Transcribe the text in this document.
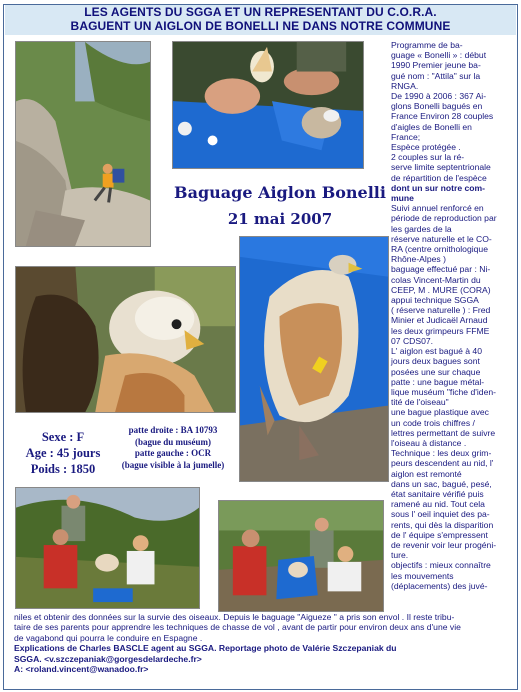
LES AGENTS DU SGGA ET UN REPRESENTANT DU C.O.R.A.
BAGUENT UN AIGLON DE BONELLI NE DANS NOTRE COMMUNE
Baguage Aiglon Bonelli
21 mai 2007
Sexe : F
Age : 45 jours
Poids : 1850
patte droite : BA 10793
(bague du muséum)
patte gauche : OCR
(bague visible à la jumelle)

Programme de ba-

guage « Bonelli » : début

1990 Premier jeune ba-

gué nom : "Attila" sur la

RNGA.

De 1990 à 2006 : 367 Ai-

glons Bonelli bagués en

France Environ 28 couples

d'aigles de Bonelli en

France;

Espèce protégée .

2 couples sur la ré-

serve limite septentrionale

de répartition de l'espèce

dont un sur notre com-

mune

Suivi annuel renforcé en

période de reproduction par

les gardes de la

réserve naturelle et le CO-

RA (centre ornithologique

Rhône-Alpes )

baguage effectué par : Ni-

colas Vincent-Martin du

CEEP, M . MURE (CORA)

appui technique SGGA

( réserve naturelle ) : Fred

Minier et Judicaël Arnaud

les deux grimpeurs FFME

07 CDS07.

L' aiglon est bagué à 40

jours deux bagues sont

posées une sur chaque

patte : une bague métal-

lique muséum "fiche d'iden-

tité de l'oiseau"

une bague plastique avec

un code trois chiffres /

lettres permettant de suivre

l'oiseau à distance .

Technique : les deux grim-

peurs descendent au nid, l'

aiglon est remonté

dans un sac, bagué, pesé,

état sanitaire vérifié puis

ramené au nid. Tout cela

sous l' oeil inquiet des pa-

rents, qui dès la disparition

de l' équipe s'empressent

de revenir voir leur progéni-

ture.

objectifs : mieux connaître

les mouvements

(déplacements) des juvé-

niles et obtenir des données sur la survie des oiseaux. Depuis le baguage "Aigueze " a pris son envol . Il reste tribu-

taire de ses parents pour apprendre les techniques de chasse de vol , avant de partir pour environ deux ans d'une vie

de vagabond qui pourra le conduire en Espagne .

Explications de Charles BASCLE agent au SGGA. Reportage photo de Valérie Szczepaniak du

SGGA. <v.szczepaniak@gorgesdelardeche.fr>

A: <roland.vincent@wanadoo.fr>
